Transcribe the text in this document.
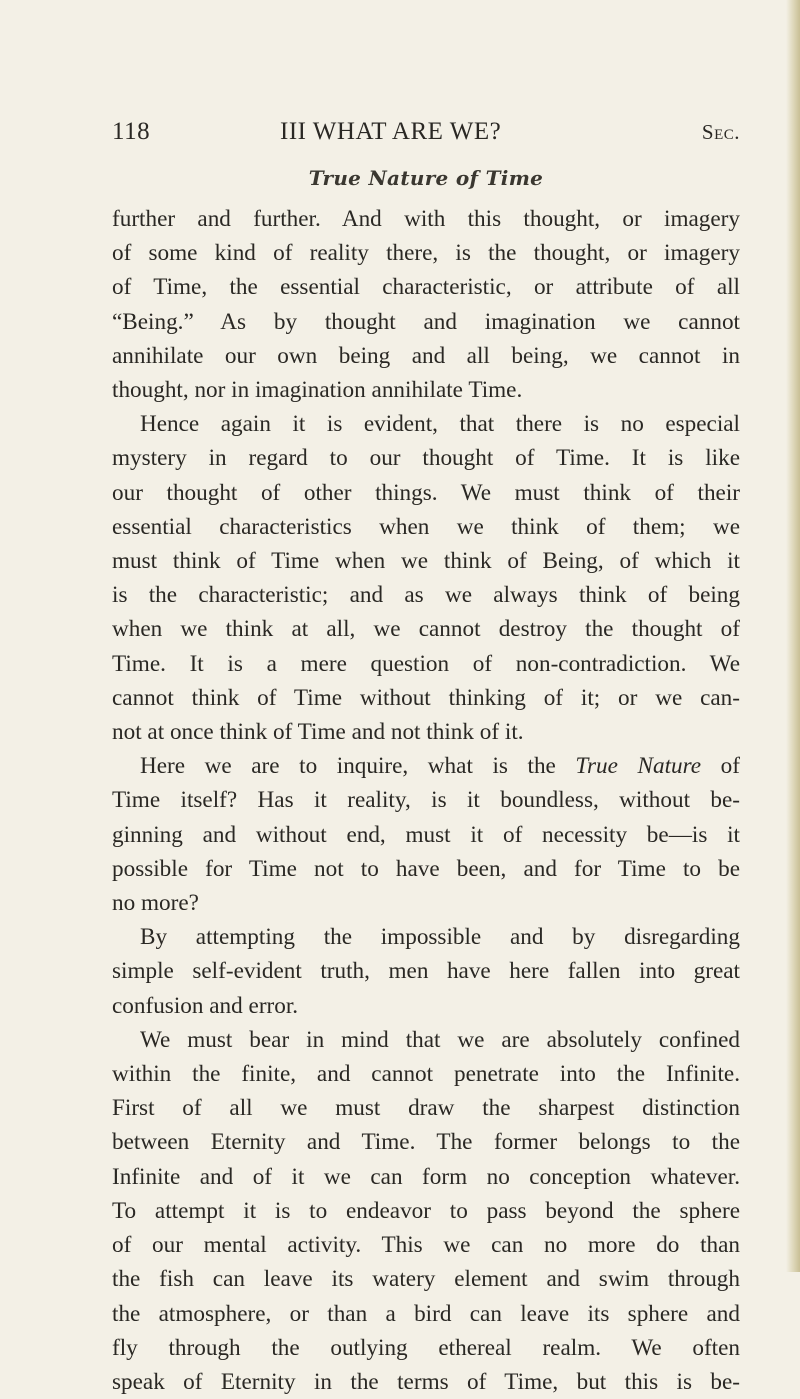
118	III WHAT ARE WE?	Sec.
True Nature of Time

further and further. And with this thought, or imagery
of some kind of reality there, is the thought, or imagery
of Time, the essential characteristic, or attribute of all
“Being.” As by thought and imagination we cannot
annihilate our own being and all being, we cannot in
thought, nor in imagination annihilate Time.

Hence again it is evident, that there is no especial
mystery in regard to our thought of Time. It is like
our thought of other things. We must think of their
essential characteristics when we think of them; we
must think of Time when we think of Being, of which it
is the characteristic; and as we always think of being
when we think at all, we cannot destroy the thought of
Time. It is a mere question of non-contradiction. We
cannot think of Time without thinking of it; or we can-
not at once think of Time and not think of it.

Here we are to inquire, what is the True Nature of
Time itself? Has it reality, is it boundless, without be-
ginning and without end, must it of necessity be—is it
possible for Time not to have been, and for Time to be
no more?

By attempting the impossible and by disregarding
simple self-evident truth, men have here fallen into great
confusion and error.

We must bear in mind that we are absolutely confined
within the finite, and cannot penetrate into the Infinite.
First of all we must draw the sharpest distinction
between Eternity and Time. The former belongs to the
Infinite and of it we can form no conception whatever.
To attempt it is to endeavor to pass beyond the sphere
of our mental activity. This we can no more do than
the fish can leave its watery element and swim through
the atmosphere, or than a bird can leave its sphere and
fly through the outlying ethereal realm. We often
speak of Eternity in the terms of Time, but this is be-
